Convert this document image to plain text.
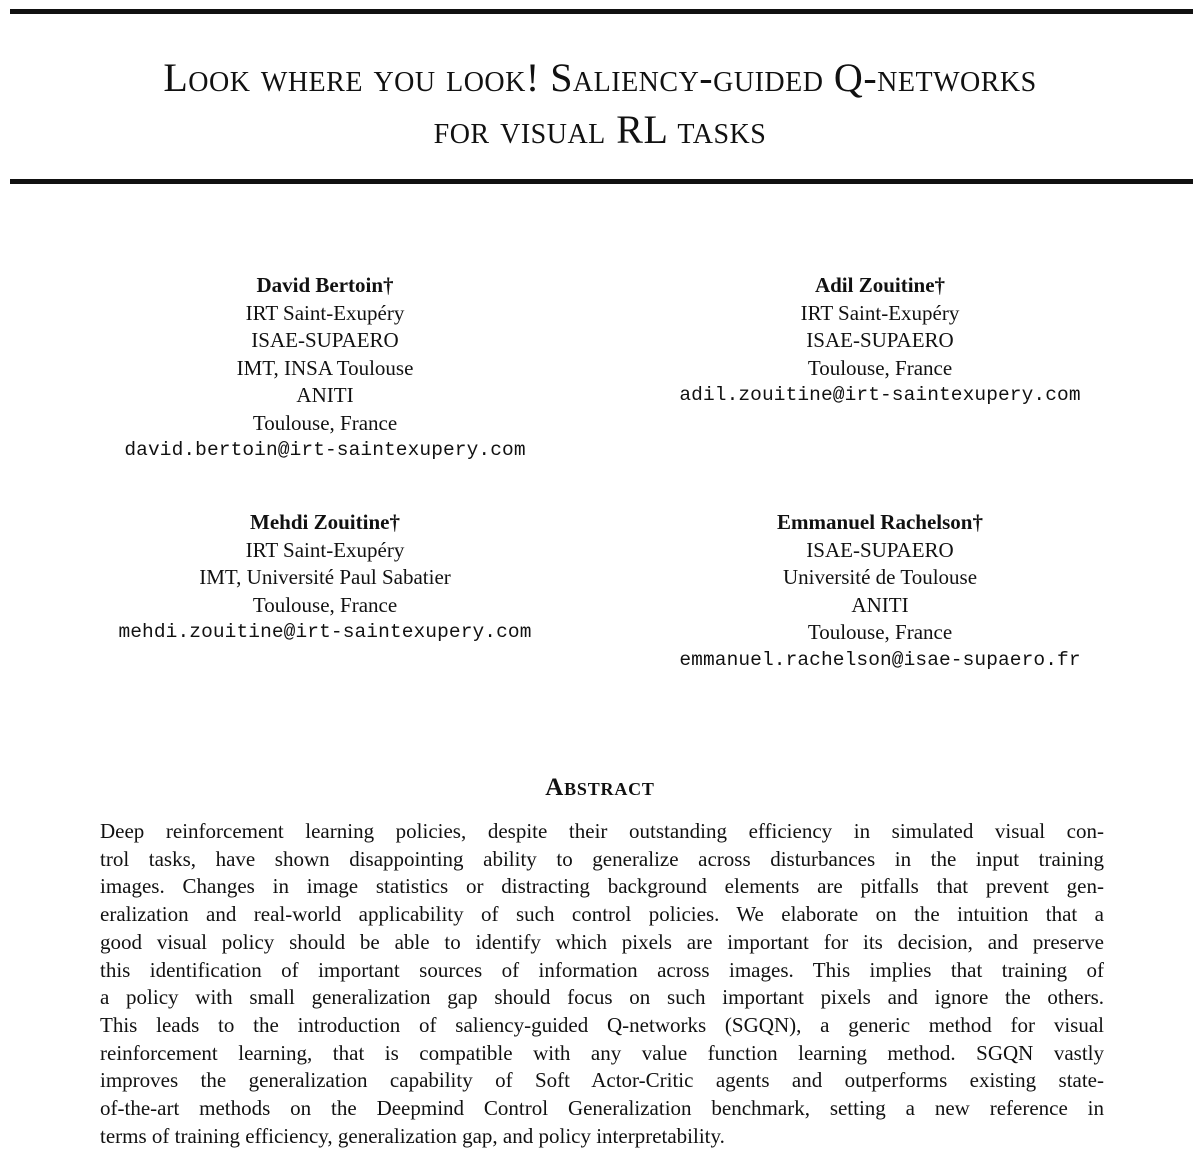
Look where you look! Saliency-guided Q-networks
for visual RL tasks
David Bertoin†
IRT Saint-Exupéry
ISAE-SUPAERO
IMT, INSA Toulouse
ANITI
Toulouse, France
david.bertoin@irt-saintexupery.com
Adil Zouitine†
IRT Saint-Exupéry
ISAE-SUPAERO
Toulouse, France
adil.zouitine@irt-saintexupery.com
Mehdi Zouitine†
IRT Saint-Exupéry
IMT, Université Paul Sabatier
Toulouse, France
mehdi.zouitine@irt-saintexupery.com
Emmanuel Rachelson†
ISAE-SUPAERO
Université de Toulouse
ANITI
Toulouse, France
emmanuel.rachelson@isae-supaero.fr
Abstract
Deep reinforcement learning policies, despite their outstanding efficiency in simulated visual con-
trol tasks, have shown disappointing ability to generalize across disturbances in the input training
images. Changes in image statistics or distracting background elements are pitfalls that prevent gen-
eralization and real-world applicability of such control policies. We elaborate on the intuition that a
good visual policy should be able to identify which pixels are important for its decision, and preserve
this identification of important sources of information across images. This implies that training of
a policy with small generalization gap should focus on such important pixels and ignore the others.
This leads to the introduction of saliency-guided Q-networks (SGQN), a generic method for visual
reinforcement learning, that is compatible with any value function learning method. SGQN vastly
improves the generalization capability of Soft Actor-Critic agents and outperforms existing state-
of-the-art methods on the Deepmind Control Generalization benchmark, setting a new reference in
terms of training efficiency, generalization gap, and policy interpretability.
